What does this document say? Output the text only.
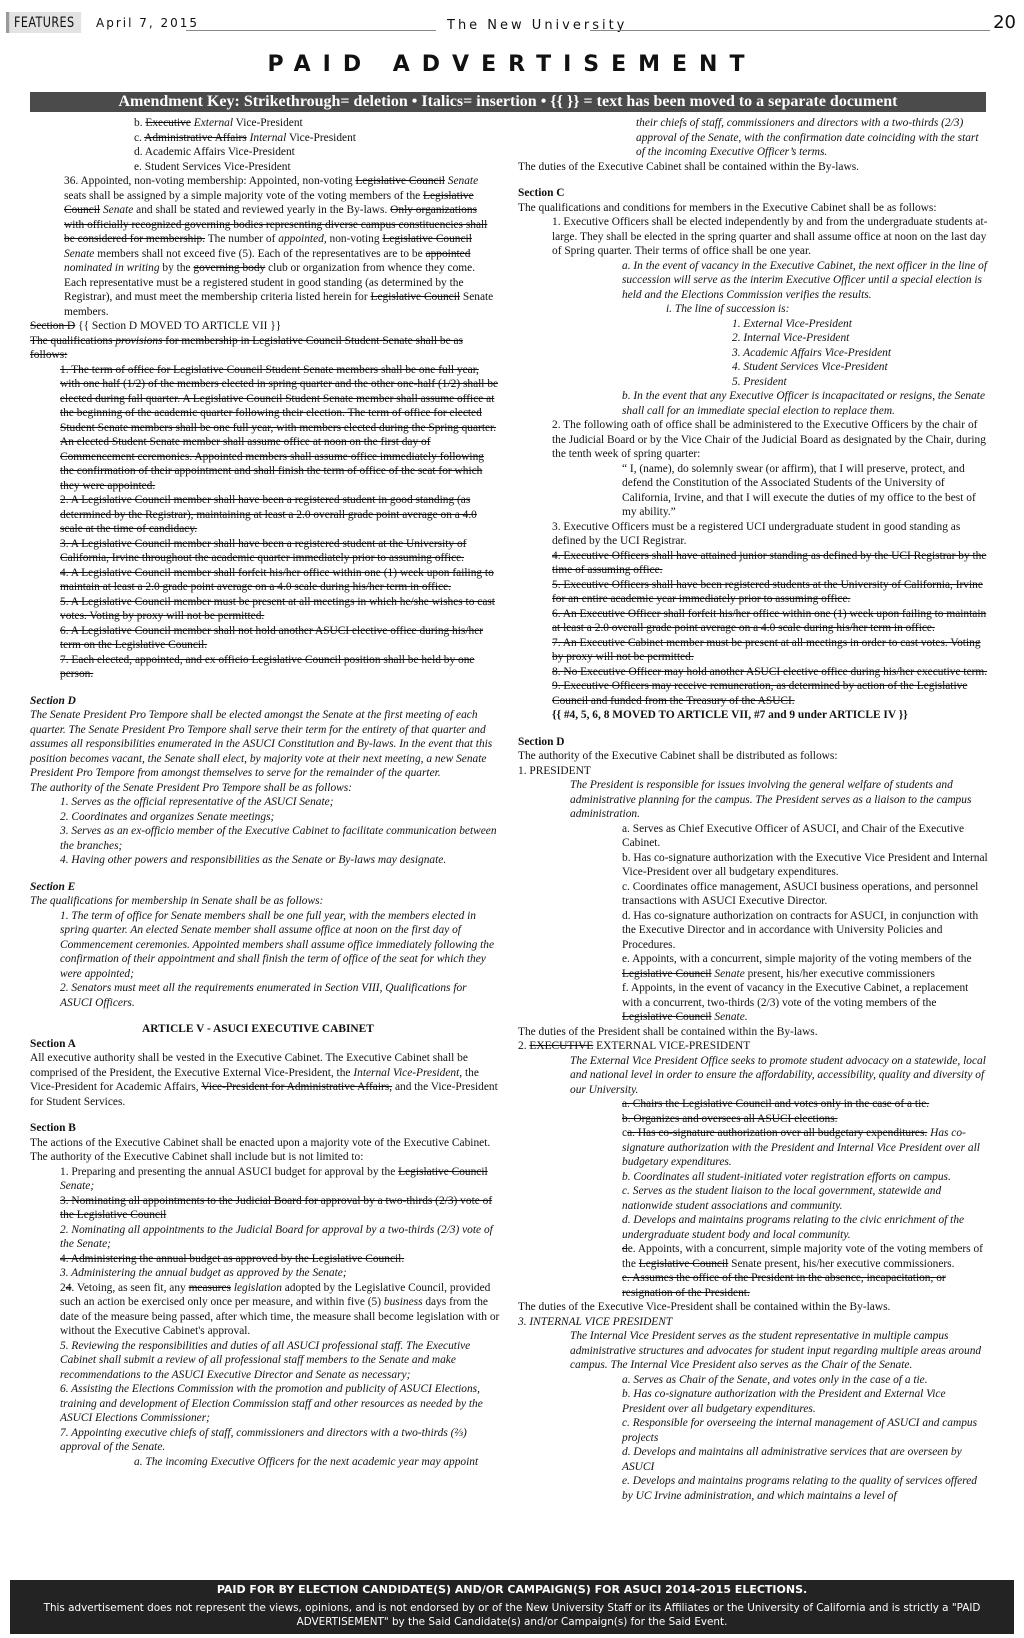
FEATURES	April 7, 2015	The New University	20
PAID ADVERTISEMENT
Amendment Key: Strikethrough= deletion • Italics= insertion • {{ }} = text has been moved to a separate document

b. Executive External Vice-President

c. Administrative Affairs Internal Vice-President

d. Academic Affairs Vice-President

e. Student Services Vice-President

36. Appointed, non-voting membership: Appointed, non-voting Legislative Council Senate seats shall be assigned by a simple majority vote of the voting members of the Legislative Council Senate and shall be stated and reviewed yearly in the By-laws. Only organizations with officially recognized governing bodies representing diverse campus constituencies shall be considered for membership. The number of appointed, non-voting Legislative Council Senate members shall not exceed five (5). Each of the representatives are to be appointed nominated in writing by the governing body club or organization from whence they come. Each representative must be a registered student in good standing (as determined by the Registrar), and must meet the membership criteria listed herein for Legislative Council Senate members.

Section D {{ Section D MOVED TO ARTICLE VII }}

The qualifications provisions for membership in Legislative Council Student Senate shall be as follows:

1. The term of office for Legislative Council Student Senate members shall be one full year, with one half (1/2) of the members elected in spring quarter and the other one-half (1/2) shall be elected during fall quarter. A Legislative Council Student Senate member shall assume office at the beginning of the academic quarter following their election. The term of office for elected Student Senate members shall be one full year, with members elected during the Spring quarter. An elected Student Senate member shall assume office at noon on the first day of Commencement ceremonies. Appointed members shall assume office immediately following the confirmation of their appointment and shall finish the term of office of the seat for which they were appointed.

2. A Legislative Council member shall have been a registered student in good standing (as determined by the Registrar), maintaining at least a 2.0 overall grade point average on a 4.0 scale at the time of candidacy.

3. A Legislative Council member shall have been a registered student at the University of California, Irvine throughout the academic quarter immediately prior to assuming office.

4. A Legislative Council member shall forfeit his/her office within one (1) week upon failing to maintain at least a 2.0 grade point average on a 4.0 scale during his/her term in office.

5. A Legislative Council member must be present at all meetings in which he/she wishes to cast votes. Voting by proxy will not be permitted.

6. A Legislative Council member shall not hold another ASUCI elective office during his/her term on the Legislative Council.

7. Each elected, appointed, and ex officio Legislative Council position shall be held by one person.

Section D

The Senate President Pro Tempore shall be elected amongst the Senate at the first meeting of each quarter. The Senate President Pro Tempore shall serve their term for the entirety of that quarter and assumes all responsibilities enumerated in the ASUCI Constitution and By-laws. In the event that this position becomes vacant, the Senate shall elect, by majority vote at their next meeting, a new Senate President Pro Tempore from amongst themselves to serve for the remainder of the quarter.

The authority of the Senate President Pro Tempore shall be as follows:

1. Serves as the official representative of the ASUCI Senate;

2. Coordinates and organizes Senate meetings;

3. Serves as an ex-officio member of the Executive Cabinet to facilitate communication between the branches;

4. Having other powers and responsibilities as the Senate or By-laws may designate.

Section E

The qualifications for membership in Senate shall be as follows:

1. The term of office for Senate members shall be one full year, with the members elected in spring quarter. An elected Senate member shall assume office at noon on the first day of Commencement ceremonies. Appointed members shall assume office immediately following the confirmation of their appointment and shall finish the term of office of the seat for which they were appointed;

2. Senators must meet all the requirements enumerated in Section VIII, Qualifications for ASUCI Officers.

ARTICLE V - ASUCI EXECUTIVE CABINET

Section A

All executive authority shall be vested in the Executive Cabinet. The Executive Cabinet shall be comprised of the President, the Executive External Vice-President, the Internal Vice-President, the Vice-President for Academic Affairs, Vice-President for Administrative Affairs, and the Vice-President for Student Services.

Section B

The actions of the Executive Cabinet shall be enacted upon a majority vote of the Executive Cabinet. The authority of the Executive Cabinet shall include but is not limited to:

1. Preparing and presenting the annual ASUCI budget for approval by the Legislative Council Senate;

3. Nominating all appointments to the Judicial Board for approval by a two-thirds (2/3) vote of the Legislative Council

2. Nominating all appointments to the Judicial Board for approval by a two-thirds (2/3) vote of the Senate;

4. Administering the annual budget as approved by the Legislative Council.

3. Administering the annual budget as approved by the Senate;

24. Vetoing, as seen fit, any measures legislation adopted by the Legislative Council, provided such an action be exercised only once per measure, and within five (5) business days from the date of the measure being passed, after which time, the measure shall become legislation with or without the Executive Cabinet's approval.

5. Reviewing the responsibilities and duties of all ASUCI professional staff. The Executive Cabinet shall submit a review of all professional staff members to the Senate and make recommendations to the ASUCI Executive Director and Senate as necessary;

6. Assisting the Elections Commission with the promotion and publicity of ASUCI Elections, training and development of Election Commission staff and other resources as needed by the ASUCI Elections Commissioner;

7. Appointing executive chiefs of staff, commissioners and directors with a two-thirds (⅔) approval of the Senate.

a. The incoming Executive Officers for the next academic year may appoint

their chiefs of staff, commissioners and directors with a two-thirds (2/3) approval of the Senate, with the confirmation date coinciding with the start of the incoming Executive Officer’s terms.

The duties of the Executive Cabinet shall be contained within the By-laws.

Section C

The qualifications and conditions for members in the Executive Cabinet shall be as follows:

1. Executive Officers shall be elected independently by and from the undergraduate students at-large. They shall be elected in the spring quarter and shall assume office at noon on the last day of Spring quarter. Their terms of office shall be one year.

a. In the event of vacancy in the Executive Cabinet, the next officer in the line of succession will serve as the interim Executive Officer until a special election is held and the Elections Commission verifies the results.

i. The line of succession is:

1. External Vice-President

2. Internal Vice-President

3. Academic Affairs Vice-President

4. Student Services Vice-President

5. President

b. In the event that any Executive Officer is incapacitated or resigns, the Senate shall call for an immediate special election to replace them.

2. The following oath of office shall be administered to the Executive Officers by the chair of the Judicial Board or by the Vice Chair of the Judicial Board as designated by the Chair, during the tenth week of spring quarter:

“ I, (name), do solemnly swear (or affirm), that I will preserve, protect, and defend the Constitution of the Associated Students of the University of California, Irvine, and that I will execute the duties of my office to the best of my ability.”

3. Executive Officers must be a registered UCI undergraduate student in good standing as defined by the UCI Registrar.

4. Executive Officers shall have attained junior standing as defined by the UCI Registrar by the time of assuming office.

5. Executive Officers shall have been registered students at the University of California, Irvine for an entire academic year immediately prior to assuming office.

6. An Executive Officer shall forfeit his/her office within one (1) week upon failing to maintain at least a 2.0 overall grade point average on a 4.0 scale during his/her term in office.

7. An Executive Cabinet member must be present at all meetings in order to cast votes. Voting by proxy will not be permitted.

8. No Executive Officer may hold another ASUCI elective office during his/her executive term.

9. Executive Officers may receive remuneration, as determined by action of the Legislative Council and funded from the Treasury of the ASUCI.

{{ #4, 5, 6, 8 MOVED TO ARTICLE VII, #7 and 9 under ARTICLE IV }}

Section D

The authority of the Executive Cabinet shall be distributed as follows:

1. PRESIDENT

The President is responsible for issues involving the general welfare of students and administrative planning for the campus. The President serves as a liaison to the campus administration.

a. Serves as Chief Executive Officer of ASUCI, and Chair of the Executive Cabinet.

b. Has co-signature authorization with the Executive Vice President and Internal Vice-President over all budgetary expenditures.

c. Coordinates office management, ASUCI business operations, and personnel transactions with ASUCI Executive Director.

d. Has co-signature authorization on contracts for ASUCI, in conjunction with the Executive Director and in accordance with University Policies and Procedures.

e. Appoints, with a concurrent, simple majority of the voting members of the Legislative Council Senate present, his/her executive commissioners

f. Appoints, in the event of vacancy in the Executive Cabinet, a replacement with a concurrent, two-thirds (2/3) vote of the voting members of the Legislative Council Senate.

The duties of the President shall be contained within the By-laws.

2. EXECUTIVE EXTERNAL VICE-PRESIDENT

The External Vice President Office seeks to promote student advocacy on a statewide, local and national level in order to ensure the affordability, accessibility, quality and diversity of our University.

a. Chairs the Legislative Council and votes only in the case of a tie.

b. Organizes and oversees all ASUCI elections.

ca. Has co-signature authorization over all budgetary expenditures. Has co-signature authorization with the President and Internal Vice President over all budgetary expenditures.

b. Coordinates all student-initiated voter registration efforts on campus.

c. Serves as the student liaison to the local government, statewide and nationwide student associations and community.

d. Develops and maintains programs relating to the civic enrichment of the undergraduate student body and local community.

de. Appoints, with a concurrent, simple majority vote of the voting members of the Legislative Council Senate present, his/her executive commissioners.

e. Assumes the office of the President in the absence, incapacitation, or resignation of the President.

The duties of the Executive Vice-President shall be contained within the By-laws.

3. INTERNAL VICE PRESIDENT

The Internal Vice President serves as the student representative in multiple campus administrative structures and advocates for student input regarding multiple areas around campus. The Internal Vice President also serves as the Chair of the Senate.

a. Serves as Chair of the Senate, and votes only in the case of a tie.

b. Has co-signature authorization with the President and External Vice President over all budgetary expenditures.

c. Responsible for overseeing the internal management of ASUCI and campus projects

d. Develops and maintains all administrative services that are overseen by ASUCI

e. Develops and maintains programs relating to the quality of services offered by UC Irvine administration, and which maintains a level of

PAID FOR BY ELECTION CANDIDATE(S) AND/OR CAMPAIGN(S) FOR ASUCI 2014-2015 ELECTIONS.
This advertisement does not represent the views, opinions, and is not endorsed by or of the New University Staff or its Affiliates or the University of California and is strictly a "PAID ADVERTISEMENT" by the Said Candidate(s) and/or Campaign(s) for the Said Event.
